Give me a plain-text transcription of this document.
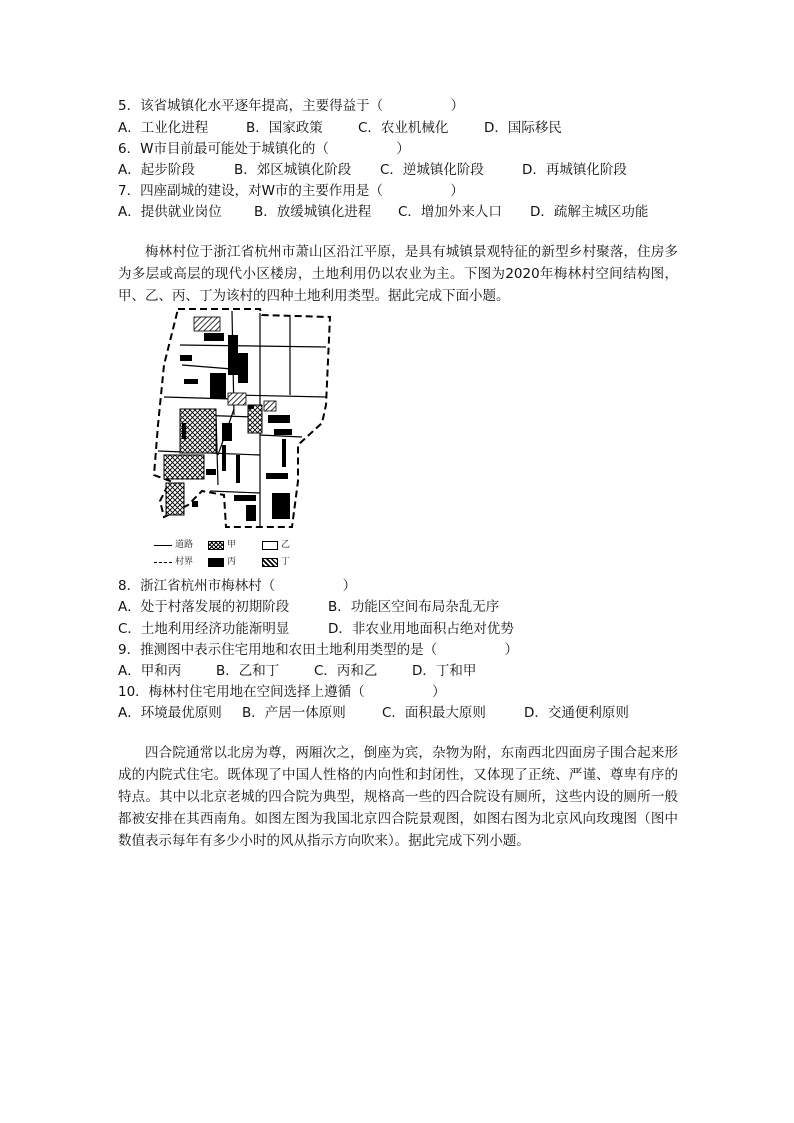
5．该省城镇化水平逐年提高，主要得益于（　　　　　）
A．工业化进程	B．国家政策	C．农业机械化	D．国际移民
6．W市目前最可能处于城镇化的（　　　　　）
A．起步阶段	B．郊区城镇化阶段 C．逆城镇化阶段	D．再城镇化阶段
7．四座副城的建设，对W市的主要作用是（　　　　　）
A．提供就业岗位 B．放缓城镇化进程 C．增加外来人口 D．疏解主城区功能
梅林村位于浙江省杭州市萧山区沿江平原，是具有城镇景观特征的新型乡村聚落，住房多为多层或高层的现代小区楼房，土地利用仍以农业为主。下图为2020年梅林村空间结构图，甲、乙、丙、丁为该村的四种土地利用类型。据此完成下面小题。
道路	甲	乙
村界	丙	丁
8．浙江省杭州市梅林村（　　　　　）
A．处于村落发展的初期阶段	B．功能区空间布局杂乱无序
C．土地利用经济功能渐明显	D．非农业用地面积占绝对优势
9．推测图中表示住宅用地和农田土地利用类型的是（　　　　　）
A．甲和丙	B．乙和丁	C．丙和乙	D．丁和甲
10．梅林村住宅用地在空间选择上遵循（　　　　　）
A．环境最优原则 B．产居一体原则	C．面积最大原则	D．交通便利原则
四合院通常以北房为尊，两厢次之，倒座为宾，杂物为附，东南西北四面房子围合起来形成的内院式住宅。既体现了中国人性格的内向性和封闭性，又体现了正统、严谨、尊卑有序的特点。其中以北京老城的四合院为典型，规格高一些的四合院设有厕所，这些内设的厕所一般都被安排在其西南角。如图左图为我国北京四合院景观图，如图右图为北京风向玫瑰图（图中数值表示每年有多少小时的风从指示方向吹来）。据此完成下列小题。
